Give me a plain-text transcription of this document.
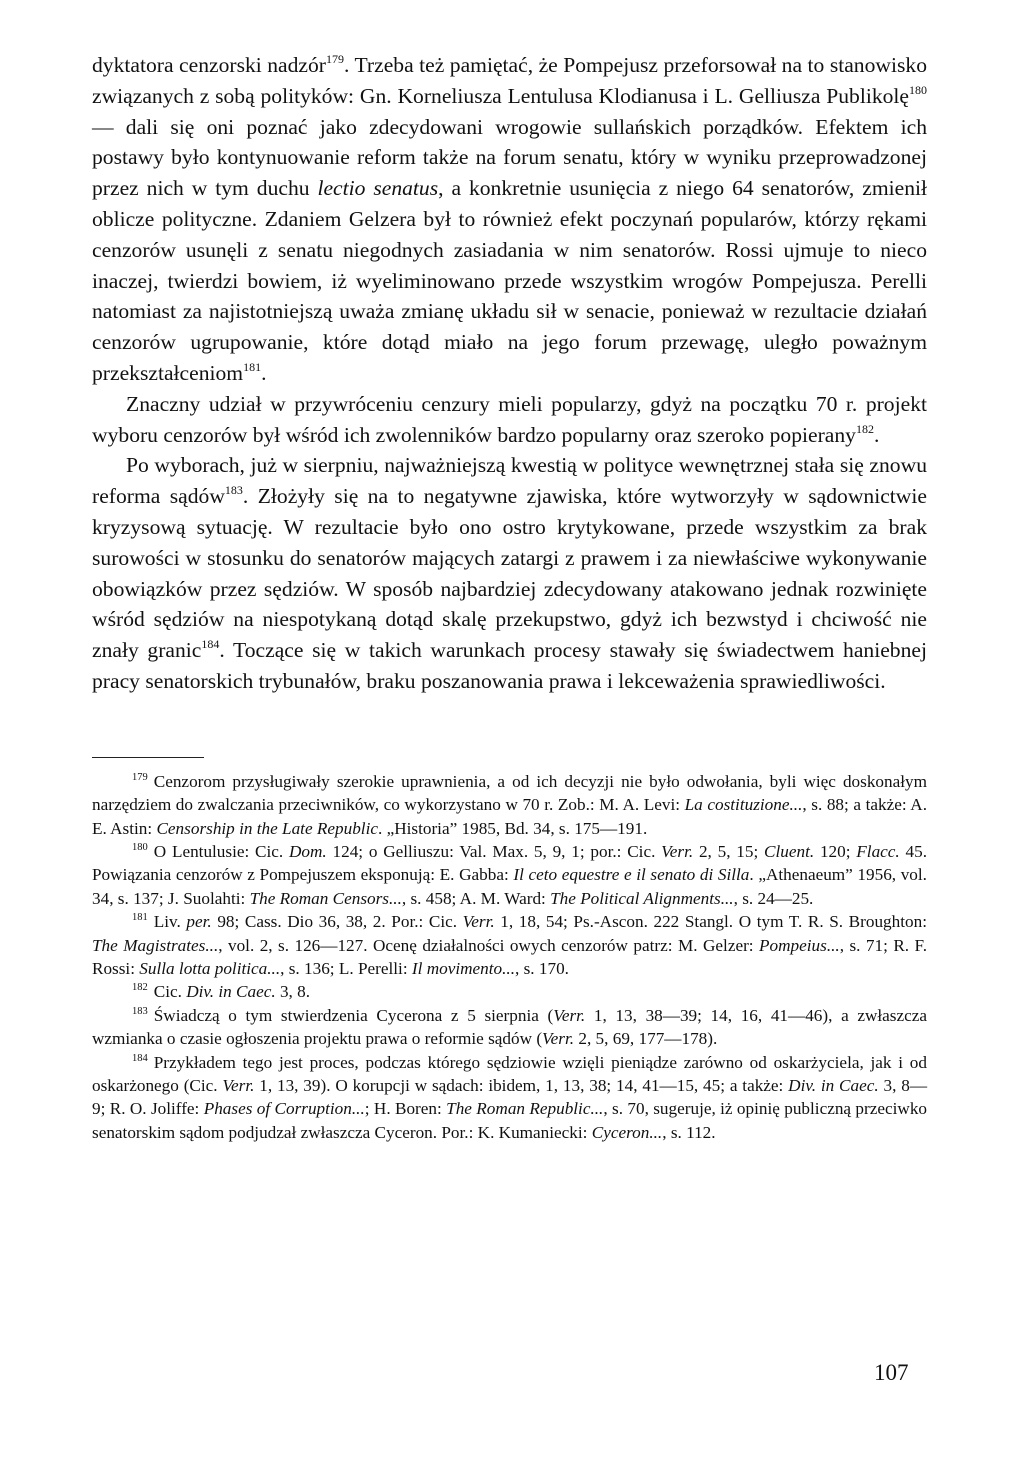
dyktatora cenzorski nadzór$^{179}$. Trzeba też pamiętać, że Pompejusz przeforsował na to stanowisko związanych z sobą polityków: Gn. Korneliusza Lentulusa Klodianusa i L. Gelliusza Publikolę$^{180}$ — dali się oni poznać jako zdecydowani wrogowie sullańskich porządków. Efektem ich postawy było kontynuowanie reform także na forum senatu, który w wyniku przeprowadzonej przez nich w tym duchu lectio senatus, a konkretnie usunięcia z niego 64 senatorów, zmienił oblicze polityczne. Zdaniem Gelzera był to również efekt poczynań popularów, którzy rękami cenzorów usunęli z senatu niegodnych zasiadania w nim senatorów. Rossi ujmuje to nieco inaczej, twierdzi bowiem, iż wyeliminowano przede wszystkim wrogów Pompejusza. Perelli natomiast za najistotniejszą uważa zmianę układu sił w senacie, ponieważ w rezultacie działań cenzorów ugrupowanie, które dotąd miało na jego forum przewagę, uległo poważnym przekształceniom$^{181}$.

Znaczny udział w przywróceniu cenzury mieli popularzy, gdyż na początku 70 r. projekt wyboru cenzorów był wśród ich zwolenników bardzo popularny oraz szeroko popierany$^{182}$.

Po wyborach, już w sierpniu, najważniejszą kwestią w polityce wewnętrznej stała się znowu reforma sądów$^{183}$. Złożyły się na to negatywne zjawiska, które wytworzyły w sądownictwie kryzysową sytuację. W rezultacie było ono ostro krytykowane, przede wszystkim za brak surowości w stosunku do senatorów mających zatargi z prawem i za niewłaściwe wykonywanie obowiązków przez sędziów. W sposób najbardziej zdecydowany atakowano jednak rozwinięte wśród sędziów na niespotykaną dotąd skalę przekupstwo, gdyż ich bezwstyd i chciwość nie znały granic$^{184}$. Toczące się w takich warunkach procesy stawały się świadectwem haniebnej pracy senatorskich trybunałów, braku poszanowania prawa i lekceważenia sprawiedliwości.

$^{179}$ Cenzorom przysługiwały szerokie uprawnienia, a od ich decyzji nie było odwołania, byli więc doskonałym narzędziem do zwalczania przeciwników, co wykorzystano w 70 r. Zob.: M. A. Levi: La costituzione..., s. 88; a także: A. E. Astin: Censorship in the Late Republic. „Historia” 1985, Bd. 34, s. 175—191.

$^{180}$ O Lentulusie: Cic. Dom. 124; o Gelliuszu: Val. Max. 5, 9, 1; por.: Cic. Verr. 2, 5, 15; Cluent. 120; Flacc. 45. Powiązania cenzorów z Pompejuszem eksponują: E. Gabba: Il ceto equestre e il senato di Silla. „Athenaeum” 1956, vol. 34, s. 137; J. Suolahti: The Roman Censors..., s. 458; A. M. Ward: The Political Alignments..., s. 24—25.

$^{181}$ Liv. per. 98; Cass. Dio 36, 38, 2. Por.: Cic. Verr. 1, 18, 54; Ps.-Ascon. 222 Stangl. O tym T. R. S. Broughton: The Magistrates..., vol. 2, s. 126—127. Ocenę działalności owych cenzorów patrz: M. Gelzer: Pompeius..., s. 71; R. F. Rossi: Sulla lotta politica..., s. 136; L. Perelli: Il movimento..., s. 170.

$^{182}$ Cic. Div. in Caec. 3, 8.

$^{183}$ Świadczą o tym stwierdzenia Cycerona z 5 sierpnia (Verr. 1, 13, 38—39; 14, 16, 41—46), a zwłaszcza wzmianka o czasie ogłoszenia projektu prawa o reformie sądów (Verr. 2, 5, 69, 177—178).

$^{184}$ Przykładem tego jest proces, podczas którego sędziowie wzięli pieniądze zarówno od oskarżyciela, jak i od oskarżonego (Cic. Verr. 1, 13, 39). O korupcji w sądach: ibidem, 1, 13, 38; 14, 41—15, 45; a także: Div. in Caec. 3, 8—9; R. O. Joliffe: Phases of Corruption...; H. Boren: The Roman Republic..., s. 70, sugeruje, iż opinię publiczną przeciwko senatorskim sądom podjudzał zwłaszcza Cyceron. Por.: K. Kumaniecki: Cyceron..., s. 112.

107
